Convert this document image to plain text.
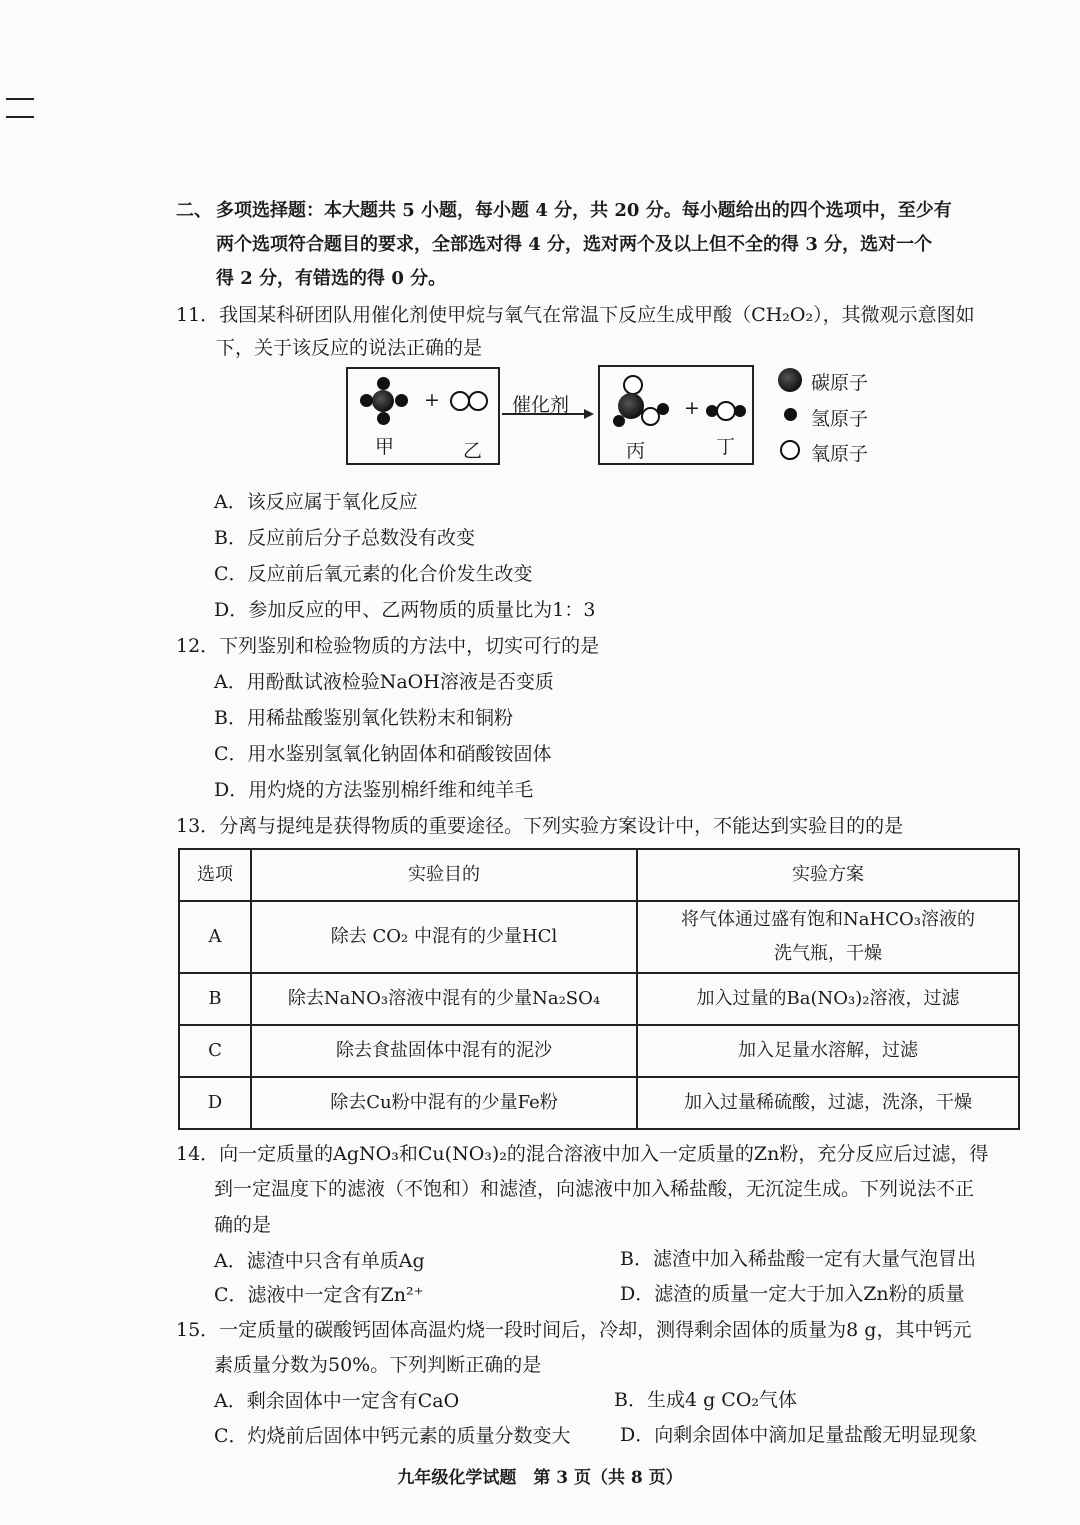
二、 多项选择题：本大题共 5 小题，每小题 4 分，共 20 分。每小题给出的四个选项中，至少有
两个选项符合题目的要求，全部选对得 4 分，选对两个及以上但不全的得 3 分，选对一个
得 2 分，有错选的得 0 分。
11．我国某科研团队用催化剂使甲烷与氧气在常温下反应生成甲酸（CH₂O₂），其微观示意图如
下，关于该反应的说法正确的是
+
甲	乙
催化剂	+
丙	丁
碳原子
氢原子
氧原子
A．该反应属于氧化反应
B．反应前后分子总数没有改变
C．反应前后氧元素的化合价发生改变
D．参加反应的甲、乙两物质的质量比为1：3
12．下列鉴别和检验物质的方法中，切实可行的是
A．用酚酞试液检验NaOH溶液是否变质
B．用稀盐酸鉴别氧化铁粉末和铜粉
C．用水鉴别氢氧化钠固体和硝酸铵固体
D．用灼烧的方法鉴别棉纤维和纯羊毛
13．分离与提纯是获得物质的重要途径。下列实验方案设计中，不能达到实验目的的是
选项	实验目的	实验方案
A	除去 CO₂ 中混有的少量HCl	将气体通过盛有饱和NaHCO₃溶液的
洗气瓶，干燥

B	除去NaNO₃溶液中混有的少量Na₂SO₄	加入过量的Ba(NO₃)₂溶液，过滤
C	除去食盐固体中混有的泥沙	加入足量水溶解，过滤
D	除去Cu粉中混有的少量Fe粉	加入过量稀硫酸，过滤，洗涤，干燥
14．向一定质量的AgNO₃和Cu(NO₃)₂的混合溶液中加入一定质量的Zn粉，充分反应后过滤，得
到一定温度下的滤液（不饱和）和滤渣，向滤液中加入稀盐酸，无沉淀生成。下列说法不正
确的是
A．滤渣中只含有单质Ag	B．滤渣中加入稀盐酸一定有大量气泡冒出
C．滤液中一定含有Zn²⁺	D．滤渣的质量一定大于加入Zn粉的质量
15．一定质量的碳酸钙固体高温灼烧一段时间后，冷却，测得剩余固体的质量为8 g，其中钙元
素质量分数为50%。下列判断正确的是
A．剩余固体中一定含有CaO	B．生成4 g CO₂气体
C．灼烧前后固体中钙元素的质量分数变大	D．向剩余固体中滴加足量盐酸无明显现象
九年级化学试题　第 3 页（共 8 页）
